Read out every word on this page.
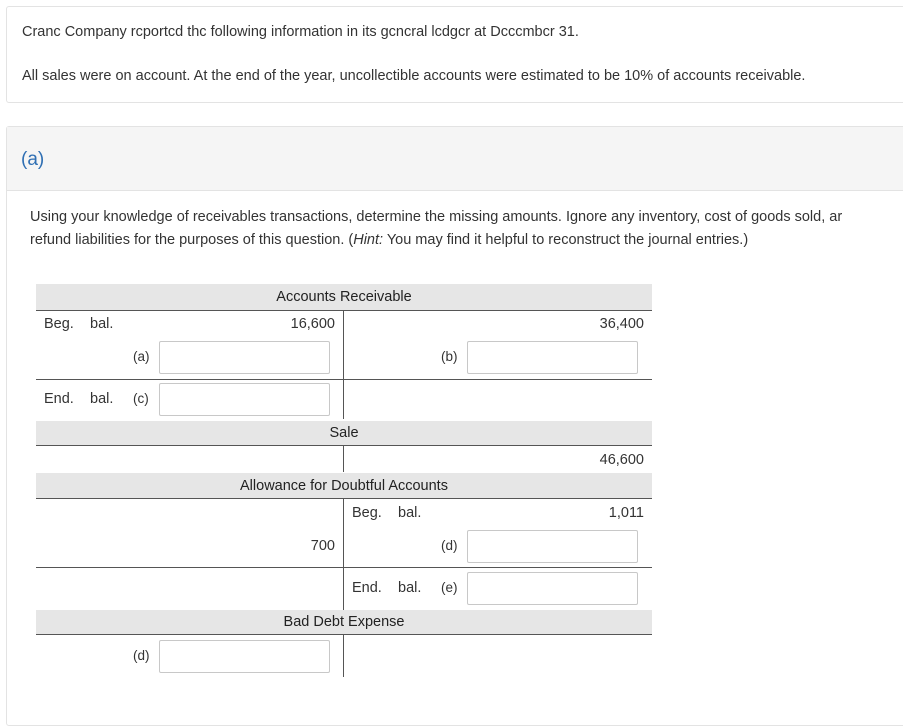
Cranc Company rcportcd thc following information in its gcncral lcdgcr at Dcccmbcr 31.
All sales were on account. At the end of the year, uncollectible accounts were estimated to be 10% of accounts receivable.
(a)
Using your knowledge of receivables transactions, determine the missing amounts. Ignore any inventory, cost of goods sold, ar
refund liabilities for the purposes of this question. (Hint: You may find it helpful to reconstruct the journal entries.)
Accounts Receivable
Beg. bal.	16,600	36,400
(a)	(b)
End. bal. (c)
Sale
46,600
Allowance for Doubtful Accounts
Beg. bal.	1,011
700	(d)
End. bal. (e)
Bad Debt Expense
(d)
